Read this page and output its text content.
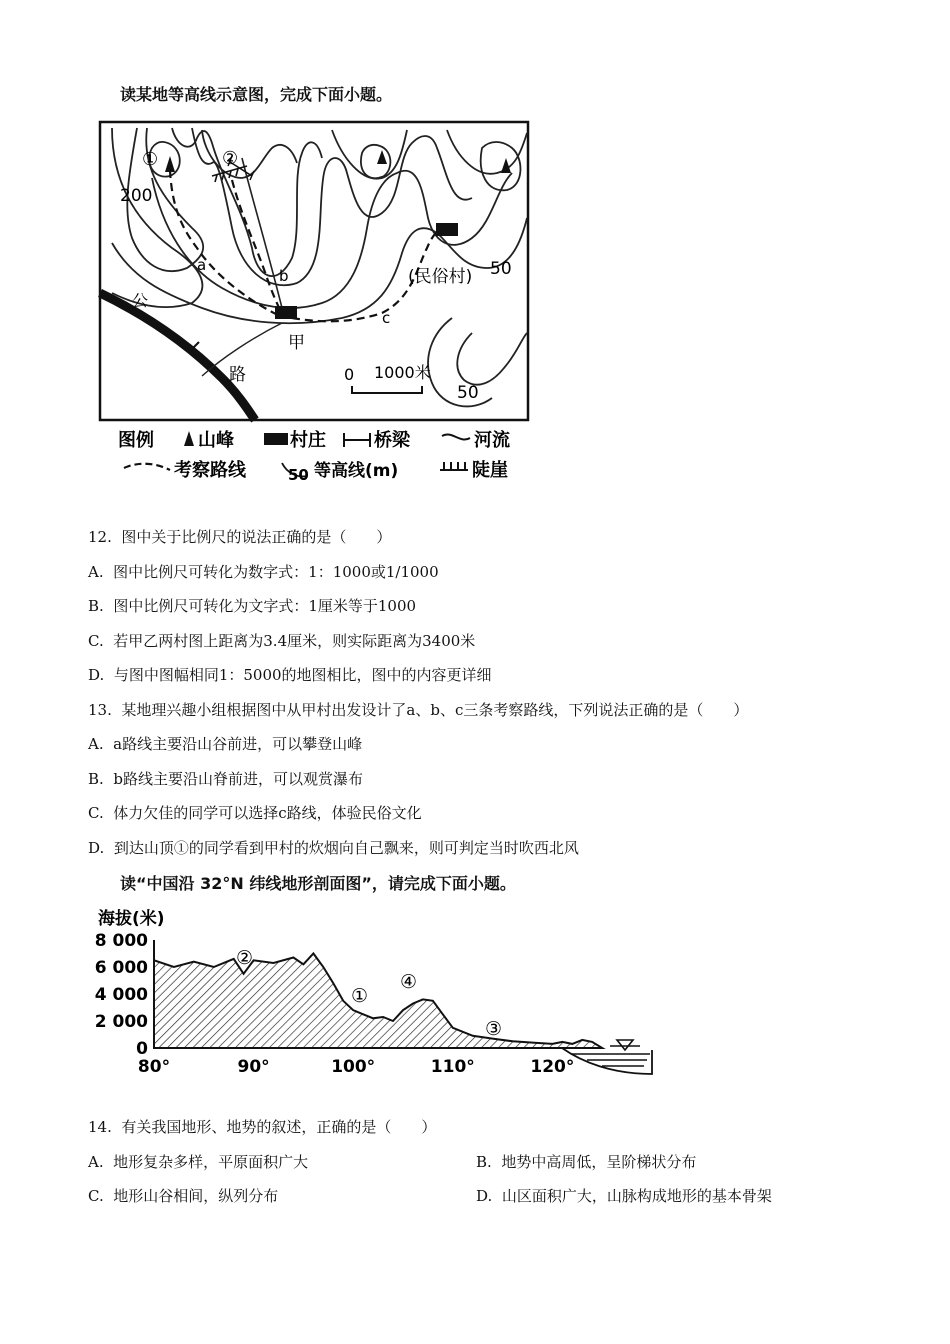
读某地等高线示意图，完成下面小题。
①	②
200
50
50
a
b
c
甲
(民俗村)
公
路	0 1000米
图例 山峰	村庄	桥梁	河流
考察路线	50 等高线(m)	陡崖
12. 图中关于比例尺的说法正确的是（　　）
A. 图中比例尺可转化为数字式：1：1000或1/1000
B. 图中比例尺可转化为文字式：1厘米等于1000
C. 若甲乙两村图上距离为3.4厘米，则实际距离为3400米
D. 与图中图幅相同1：5000的地图相比，图中的内容更详细
13. 某地理兴趣小组根据图中从甲村出发设计了a、b、c三条考察路线，下列说法正确的是（　　）
A. a路线主要沿山谷前进，可以攀登山峰
B. b路线主要沿山脊前进，可以观赏瀑布
C. 体力欠佳的同学可以选择c路线，体验民俗文化
D. 到达山顶①的同学看到甲村的炊烟向自己飘来，则可判定当时吹西北风
读“中国沿 32°N 纬线地形剖面图”，请完成下面小题。
海拔(米)
8 000
6 000
4 000
2 000
0
80°	90°	100°	110°	120°
②
①
④
③
14. 有关我国地形、地势的叙述，正确的是（　　）
A. 地形复杂多样，平原面积广大	B. 地势中高周低，呈阶梯状分布
C. 地形山谷相间，纵列分布	D. 山区面积广大，山脉构成地形的基本骨架
